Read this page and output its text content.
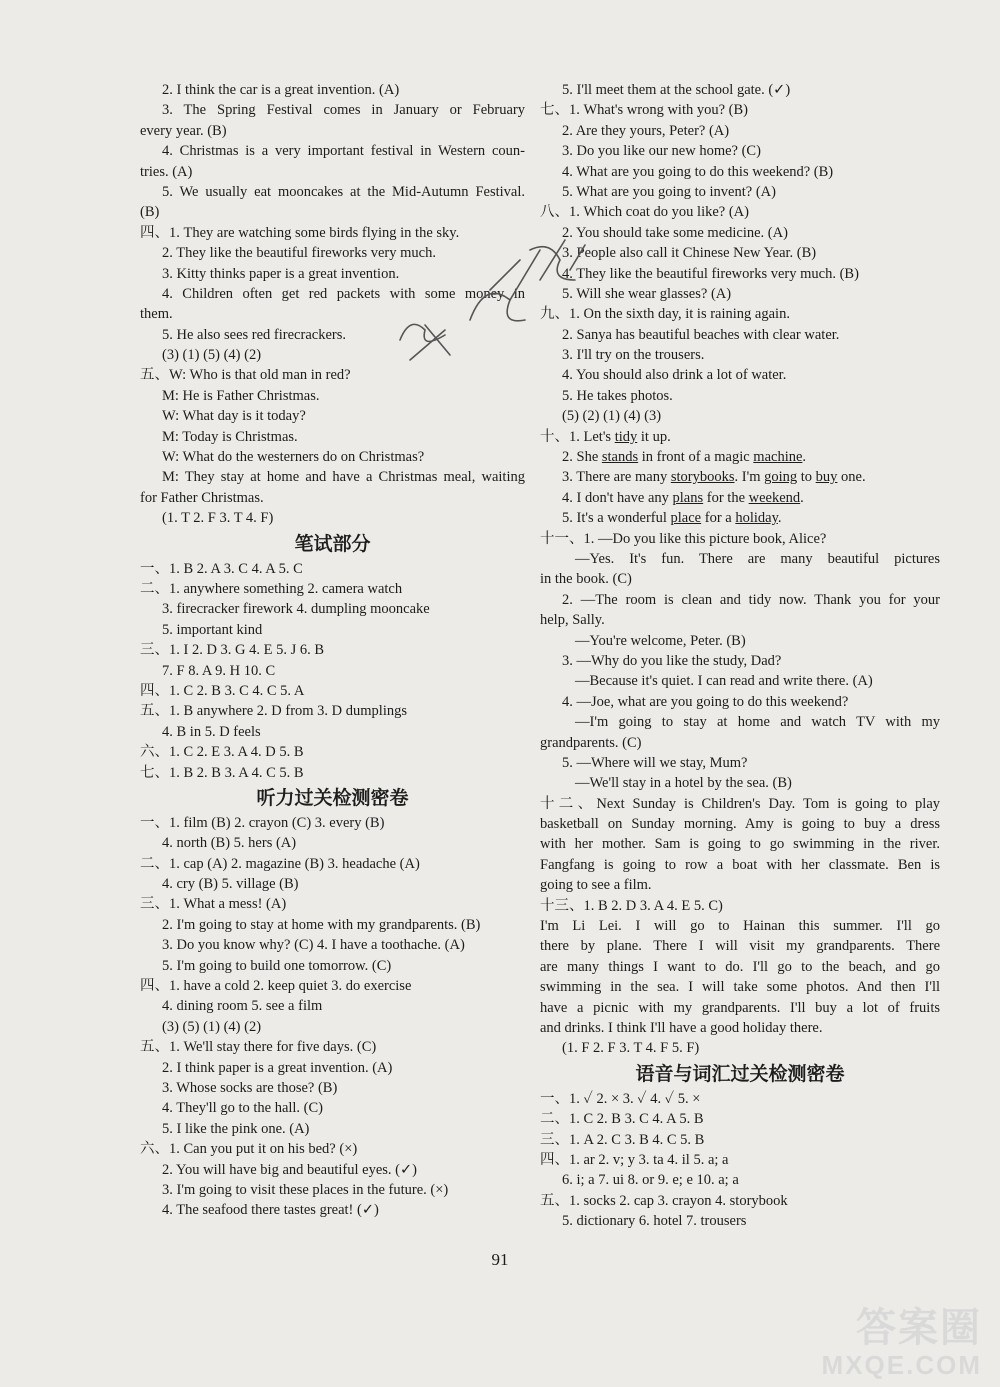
2. I think the car is a great invention. (A)
3. The Spring Festival comes in January or February
every year. (B)
4. Christmas is a very important festival in Western coun-
tries. (A)
5. We usually eat mooncakes at the Mid-Autumn Festival.
(B)
四、1. They are watching some birds flying in the sky.
2. They like the beautiful fireworks very much.
3. Kitty thinks paper is a great invention.
4. Children often get red packets with some money in
them.
5. He also sees red firecrackers.
(3) (1) (5) (4) (2)
五、W: Who is that old man in red?
M: He is Father Christmas.
W: What day is it today?
M: Today is Christmas.
W: What do the westerners do on Christmas?
M: They stay at home and have a Christmas meal, waiting
for Father Christmas.
(1. T 2. F 3. T 4. F)
笔试部分
一、1. B 2. A 3. C 4. A 5. C
二、1. anywhere something 2. camera watch
3. firecracker firework 4. dumpling mooncake
5. important kind
三、1. I 2. D 3. G 4. E 5. J 6. B
7. F 8. A 9. H 10. C
四、1. C 2. B 3. C 4. C 5. A
五、1. B anywhere 2. D from 3. D dumplings
4. B in 5. D feels
六、1. C 2. E 3. A 4. D 5. B
七、1. B 2. B 3. A 4. C 5. B
听力过关检测密卷
一、1. film (B) 2. crayon (C) 3. every (B)
4. north (B) 5. hers (A)
二、1. cap (A) 2. magazine (B) 3. headache (A)
4. cry (B) 5. village (B)
三、1. What a mess! (A)
2. I'm going to stay at home with my grandparents. (B)
3. Do you know why? (C) 4. I have a toothache. (A)
5. I'm going to build one tomorrow. (C)
四、1. have a cold 2. keep quiet 3. do exercise
4. dining room 5. see a film
(3) (5) (1) (4) (2)
五、1. We'll stay there for five days. (C)
2. I think paper is a great invention. (A)
3. Whose socks are those? (B)
4. They'll go to the hall. (C)
5. I like the pink one. (A)
六、1. Can you put it on his bed? (×)
2. You will have big and beautiful eyes. (✓)
3. I'm going to visit these places in the future. (×)
4. The seafood there tastes great! (✓)
5. I'll meet them at the school gate. (✓)
七、1. What's wrong with you? (B)
2. Are they yours, Peter? (A)
3. Do you like our new home? (C)
4. What are you going to do this weekend? (B)
5. What are you going to invent? (A)
八、1. Which coat do you like? (A)
2. You should take some medicine. (A)
3. People also call it Chinese New Year. (B)
4. They like the beautiful fireworks very much. (B)
5. Will she wear glasses? (A)
九、1. On the sixth day, it is raining again.
2. Sanya has beautiful beaches with clear water.
3. I'll try on the trousers.
4. You should also drink a lot of water.
5. He takes photos.
(5) (2) (1) (4) (3)
十、1. Let's tidy it up.
2. She stands in front of a magic machine.
3. There are many storybooks. I'm going to buy one.
4. I don't have any plans for the weekend.
5. It's a wonderful place for a holiday.
十一、1. —Do you like this picture book, Alice?
—Yes. It's fun. There are many beautiful pictures
in the book. (C)
2. —The room is clean and tidy now. Thank you for your
help, Sally.
—You're welcome, Peter. (B)
3. —Why do you like the study, Dad?
—Because it's quiet. I can read and write there. (A)
4. —Joe, what are you going to do this weekend?
—I'm going to stay at home and watch TV with my
grandparents. (C)
5. —Where will we stay, Mum?
—We'll stay in a hotel by the sea. (B)
十二、Next Sunday is Children's Day. Tom is going to play
basketball on Sunday morning. Amy is going to buy a dress
with her mother. Sam is going to go swimming in the river.
Fangfang is going to row a boat with her classmate. Ben is
going to see a film.
十三、1. B 2. D 3. A 4. E 5. C)
I'm Li Lei. I will go to Hainan this summer. I'll go
there by plane. There I will visit my grandparents. There
are many things I want to do. I'll go to the beach, and go
swimming in the sea. I will take some photos. And then I'll
have a picnic with my grandparents. I'll buy a lot of fruits
and drinks. I think I'll have a good holiday there.
(1. F 2. F 3. T 4. F 5. F)
语音与词汇过关检测密卷
一、1. ✓ 2. × 3. ✓ 4. ✓ 5. ×
二、1. C 2. B 3. C 4. A 5. B
三、1. A 2. C 3. B 4. C 5. B
四、1. ar 2. v; y 3. ta 4. il 5. a; a
6. i; a 7. ui 8. or 9. e; e 10. a; a
五、1. socks 2. cap 3. crayon 4. storybook
5. dictionary 6. hotel 7. trousers
91
答案圈
MXQE.COM
